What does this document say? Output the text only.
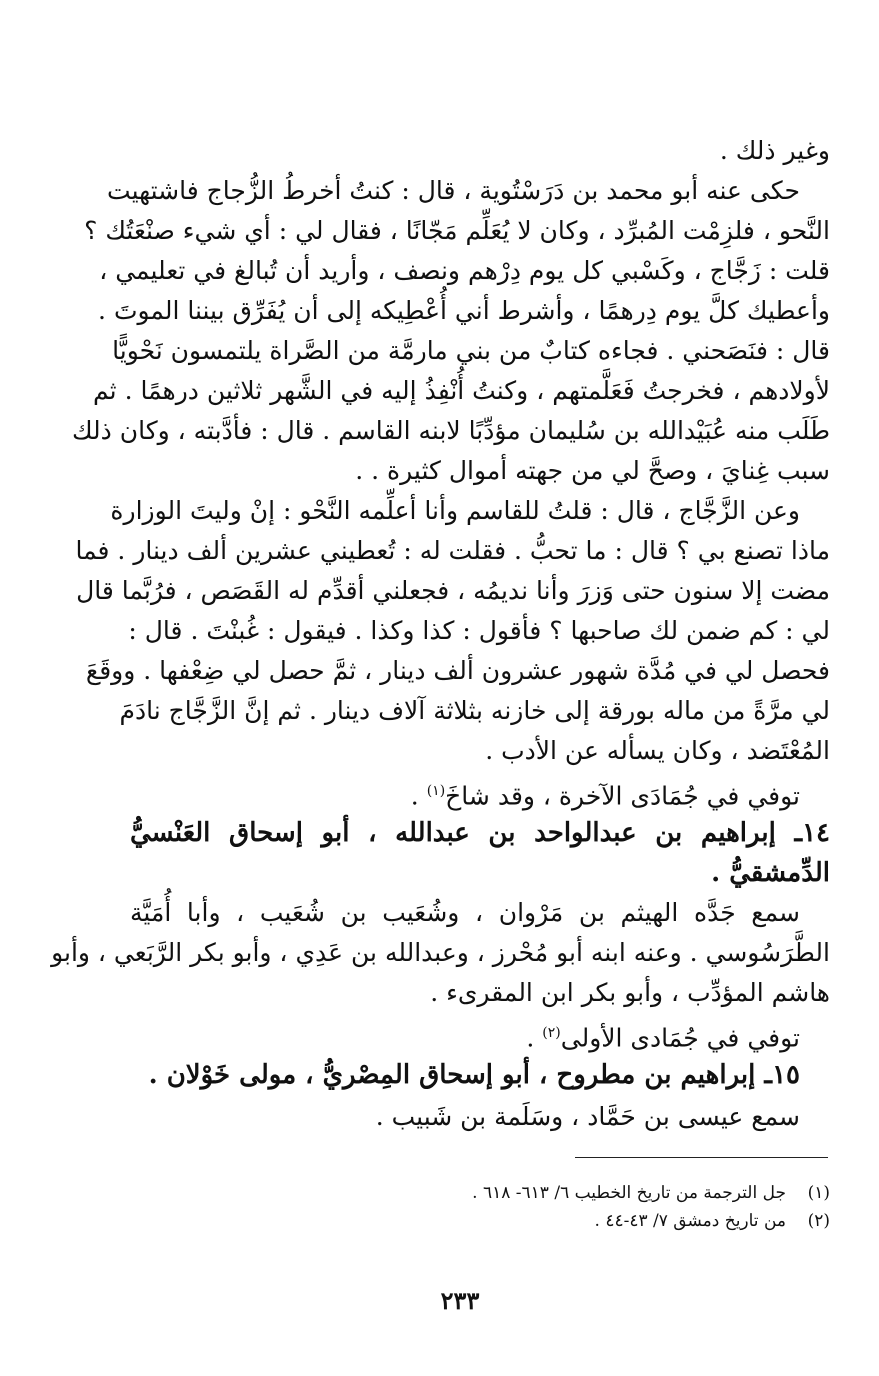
وغير ذلك .
حكى عنه أبو محمد بن دَرَسْتُوية ، قال : كنتُ أخرطُ الزُّجاج فاشتهيت
النَّحو ، فلزِمْت المُبرِّد ، وكان لا يُعَلِّم مَجّانًا ، فقال لي : أي شيء صنْعَتُك ؟
قلت : زَجَّاج ، وكَسْبي كل يوم دِرْهم ونصف ، وأريد أن تُبالغ في تعليمي ،
وأعطيك كلَّ يوم دِرهمًا ، وأشرط أني أُعْطِيكه إلى أن يُفَرِّق بيننا الموتَ .
قال : فنَصَحني . فجاءه كتابٌ من بني مارمَّة من الصَّراة يلتمسون نَحْويًّا
لأولادهم ، فخرجتُ فَعَلَّمتهم ، وكنتُ أُنْفِذُ إليه في الشَّهر ثلاثين درهمًا . ثم
طَلَب منه عُبَيْدالله بن سُليمان مؤدِّبًا لابنه القاسم . قال : فأدَّبته ، وكان ذلك
سبب غِنايَ ، وصحَّ لي من جهته أموال كثيرة . .
وعن الزَّجَّاج ، قال : قلتُ للقاسم وأنا أعلِّمه النَّحْو : إنْ وليتَ الوزارة
ماذا تصنع بي ؟ قال : ما تحبُّ . فقلت له : تُعطيني عشرين ألف دينار . فما
مضت إلا سنون حتى وَزرَ وأنا نديمُه ، فجعلني أقدِّم له القَصَص ، فرُبَّما قال
لي : كم ضمن لك صاحبها ؟ فأقول : كذا وكذا . فيقول : غُبنْتَ . قال :
فحصل لي في مُدَّة شهور عشرون ألف دينار ، ثمَّ حصل لي ضِعْفها . ووقَعَ
لي مرَّةً من ماله بورقة إلى خازنه بثلاثة آلاف دينار . ثم إنَّ الزَّجَّاج نادَمَ
المُعْتَضد ، وكان يسأله عن الأدب .
توفي في جُمَادَى الآخرة ، وقد شاخَ$^{(١)}$ .
١٤ـ إبراهيم بن عبدالواحد بن عبدالله ، أبو إسحاق العَنْسيُّ
الدِّمشقيُّ .
سمع جَدَّه الهيثم بن مَرْوان ، وشُعَيب بن شُعَيب ، وأبا أُمَيَّة
الطَّرَسُوسي . وعنه ابنه أبو مُحْرز ، وعبدالله بن عَدِي ، وأبو بكر الرَّبَعي ، وأبو
هاشم المؤدِّب ، وأبو بكر ابن المقرىء .
توفي في جُمَادى الأولى$^{(٢)}$ .
١٥ـ إبراهيم بن مطروح ، أبو إسحاق المِصْريُّ ، مولى خَوْلان .
سمع عيسى بن حَمَّاد ، وسَلَمة بن شَبيب .
(١)جل الترجمة من تاريخ الخطيب ٦/ ٦١٣- ٦١٨ .
(٢)من تاريخ دمشق ٧/ ٤٣-٤٤ .
٢٣٣
